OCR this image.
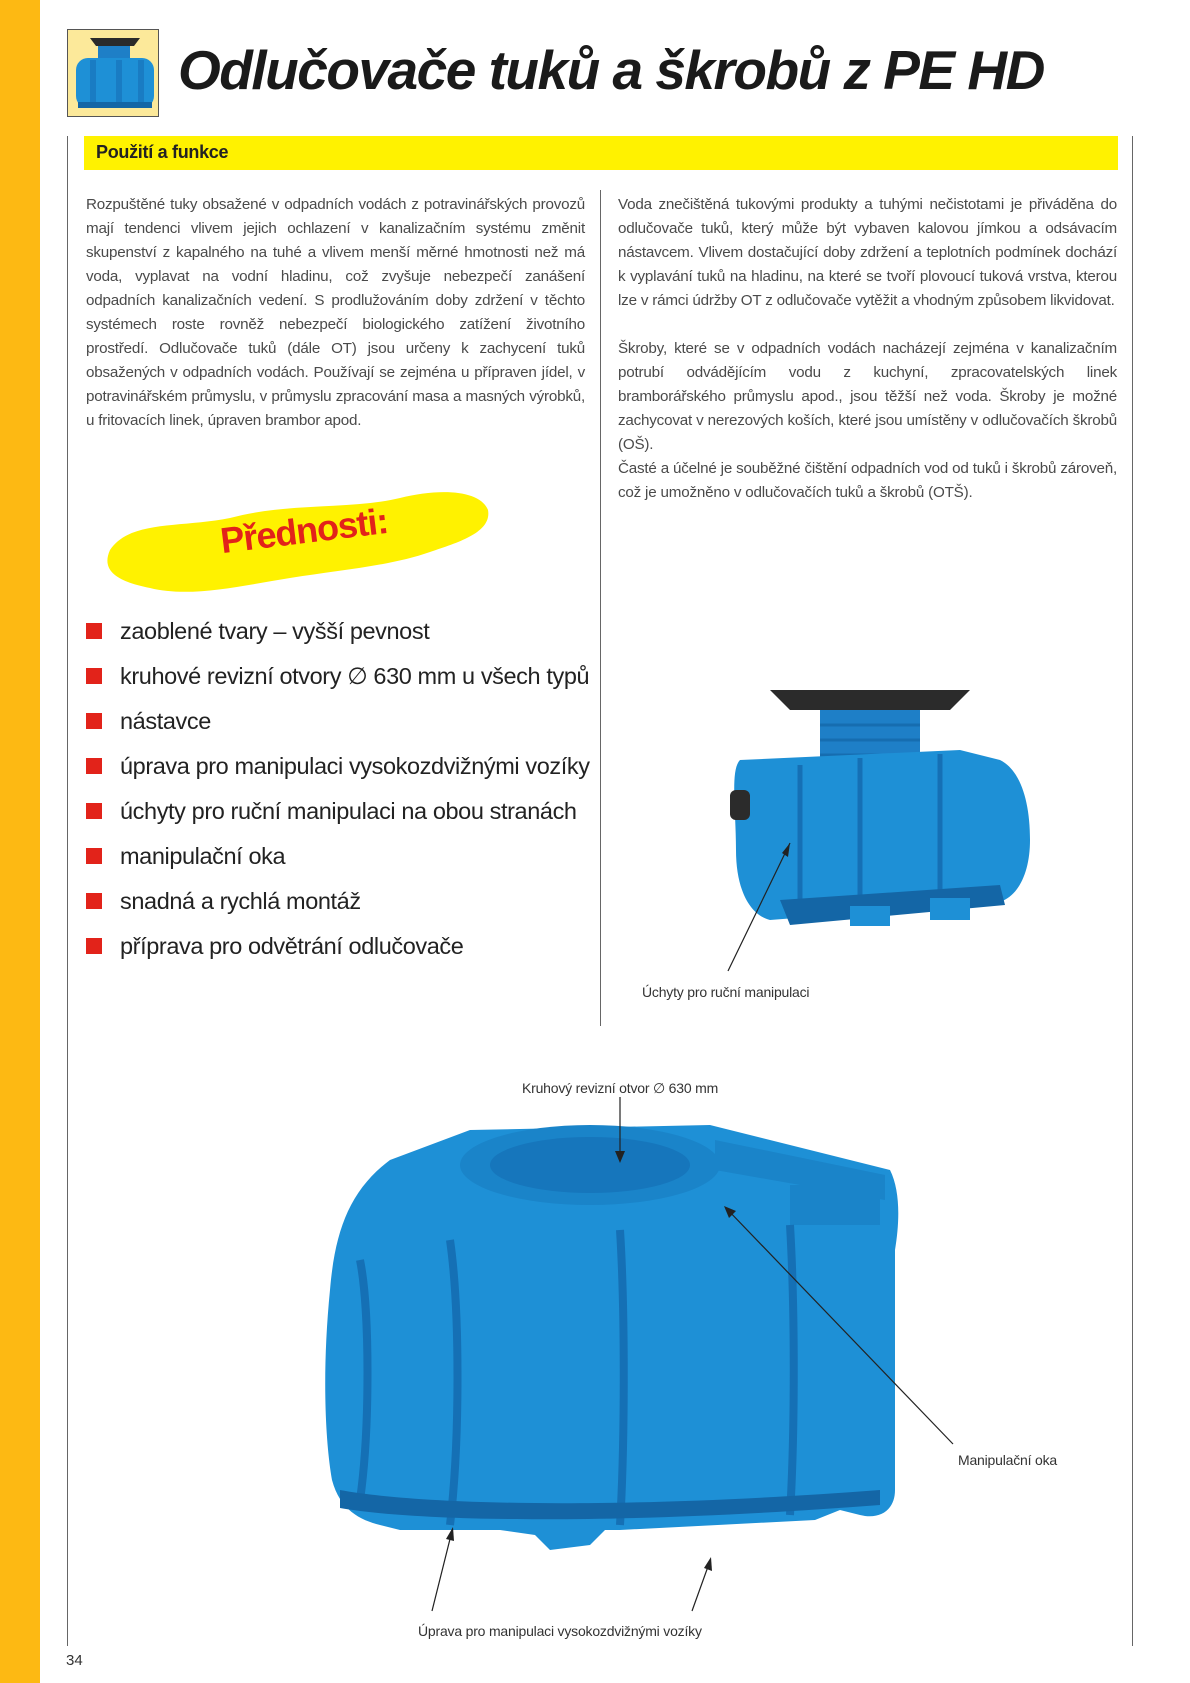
Odlučovače tuků a škrobů z PE HD
Použití a funkce

Rozpuštěné tuky obsažené v odpadních vodách z potravinářských provozů mají tendenci vlivem jejich ochlazení v kanalizačním systému změnit skupenství z kapalného na tuhé a vlivem menší měrné hmotnosti než má voda, vyplavat na vodní hladinu, což zvyšuje nebezpečí zanášení odpadních kanalizačních vedení. S prodlužováním doby zdržení v těchto systémech roste rovněž nebezpečí biologického zatížení životního prostředí. Odlučovače tuků (dále OT) jsou určeny k zachycení tuků obsažených v odpadních vodách. Používají se zejména u přípraven jídel, v potravinářském průmyslu, v průmyslu zpracování masa a masných výrobků, u fritovacích linek, úpraven brambor apod.

Voda znečištěná tukovými produkty a tuhými nečistotami je přiváděna do odlučovače tuků, který může být vybaven kalovou jímkou a odsávacím nástavcem. Vlivem dostačující doby zdržení a teplotních podmínek dochází k vyplavání tuků na hladinu, na které se tvoří plovoucí tuková vrstva, kterou lze v rámci údržby OT z odlučovače vytěžit a vhodným způsobem likvidovat.

Škroby, které se v odpadních vodách nacházejí zejména v kanalizačním potrubí odvádějícím vodu z kuchyní, zpracovatelských linek bramborářského průmyslu apod., jsou těžší než voda. Škroby je možné zachycovat v nerezových koších, které jsou umístěny v odlučovačích škrobů (OŠ).

Časté a účelné je souběžné čištění odpadních vod od tuků i škrobů zároveň, což je umožněno v odlučovačích tuků a škrobů (OTŠ).

Přednosti:
zaoblené tvary – vyšší pevnost
kruhové revizní otvory ∅ 630 mm u všech typů
nástavce
úprava pro manipulaci vysokozdvižnými vozíky
úchyty pro ruční manipulaci na obou stranách
manipulační oka
snadná a rychlá montáž
příprava pro odvětrání odlučovače
Úchyty pro ruční manipulaci
Kruhový revizní otvor ∅ 630 mm
Manipulační oka
Úprava pro manipulaci vysokozdvižnými vozíky
34
